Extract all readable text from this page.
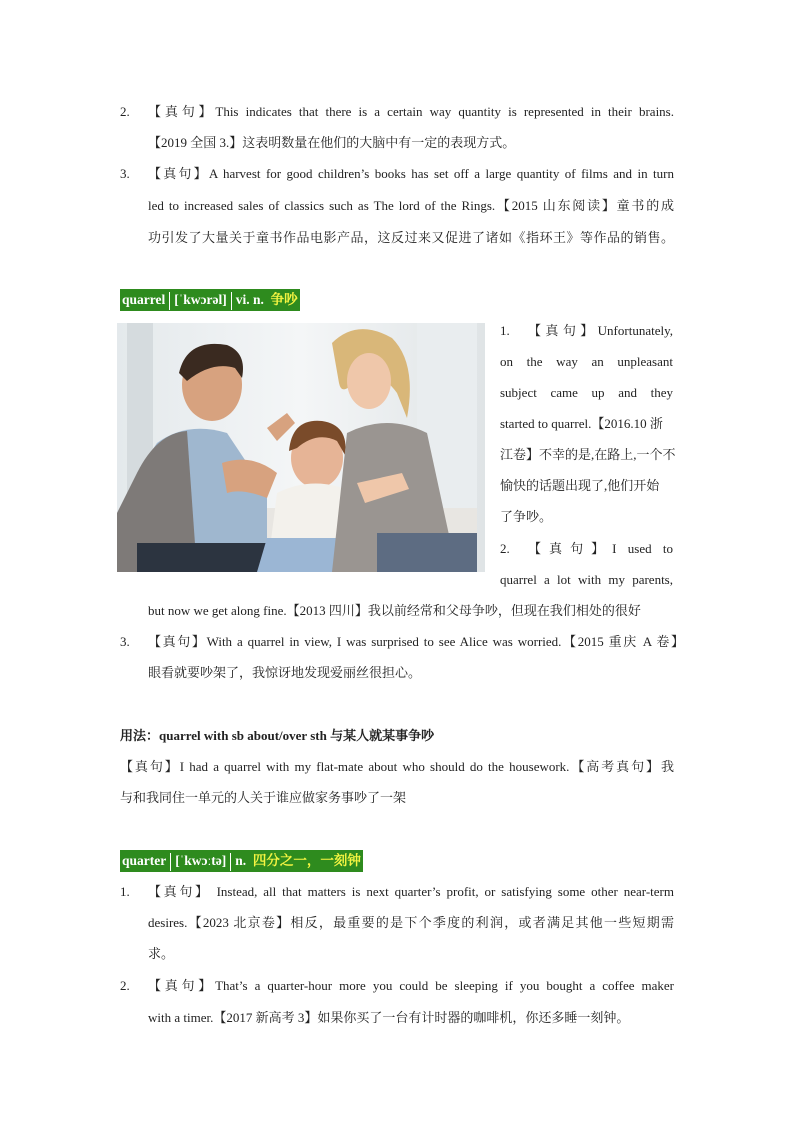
2. 【真句】This indicates that there is a certain way quantity is represented in their brains.
【2019 全国 3.】这表明数量在他们的大脑中有一定的表现方式。
3. 【真句】A harvest for good children’s books has set off a large quantity of films and in turn
led to increased sales of classics such as The lord of the Rings.【2015 山东阅读】童书的成
功引发了大量关于童书作品电影产品，这反过来又促进了诸如《指环王》等作品的销售。
quarrel [ˈkwɔrəl] vi. n. 争吵
1. 【真句】Unfortunately,
on the way an unpleasant
subject came up and they
started to quarrel.【2016.10 浙
江卷】不幸的是,在路上,一个不
愉快的话题出现了,他们开始
了争吵。
2. 【真句】I used to
quarrel a lot with my parents,
but now we get along fine.【2013 四川】我以前经常和父母争吵，但现在我们相处的很好
3. 【真句】With a quarrel in view, I was surprised to see Alice was worried.【2015 重庆 A 卷】
眼看就要吵架了，我惊讶地发现爱丽丝很担心。
用法：quarrel with sb about/over sth 与某人就某事争吵
【真句】I had a quarrel with my flat-mate about who should do the housework.【高考真句】我
与和我同住一单元的人关于谁应做家务事吵了一架
quarter [ˈkwɔːtə] n. 四分之一，一刻钟
1. 【真句】 Instead, all that matters is next quarter’s profit, or satisfying some other near-term
desires.【2023 北京卷】相反，最重要的是下个季度的利润，或者满足其他一些短期需
求。
2. 【真句】That’s a quarter-hour more you could be sleeping if you bought a coffee maker
with a timer.【2017 新高考 3】如果你买了一台有计时器的咖啡机，你还多睡一刻钟。
